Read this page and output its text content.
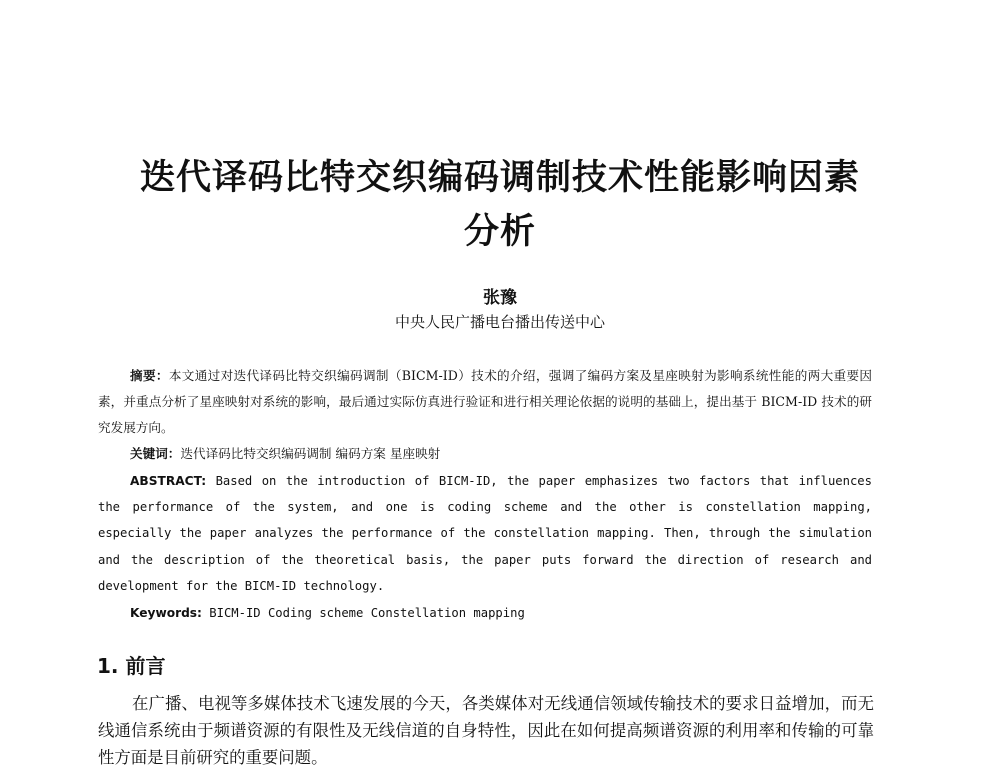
迭代译码比特交织编码调制技术性能影响因素
分析
张豫
中央人民广播电台播出传送中心
摘要：本文通过对迭代译码比特交织编码调制（BICM-ID）技术的介绍，强调了编码方案及星座映射为影响系统性能的两大重要因素，并重点分析了星座映射对系统的影响，最后通过实际仿真进行验证和进行相关理论依据的说明的基础上，提出基于 BICM-ID 技术的研究发展方向。
关键词：迭代译码比特交织编码调制 编码方案 星座映射
ABSTRACT: Based on the introduction of BICM-ID, the paper emphasizes two factors that influences the performance of the system, and one is coding scheme and the other is constellation mapping, especially the paper analyzes the performance of the constellation mapping. Then, through the simulation and the description of the theoretical basis, the paper puts forward the direction of research and development for the BICM-ID technology.
Keywords: BICM-ID Coding scheme Constellation mapping
1. 前言
在广播、电视等多媒体技术飞速发展的今天，各类媒体对无线通信领域传输技术的要求日益增加，而无线通信系统由于频谱资源的有限性及无线信道的自身特性，因此在如何提高频谱资源的利用率和传输的可靠性方面是目前研究的重要问题。
